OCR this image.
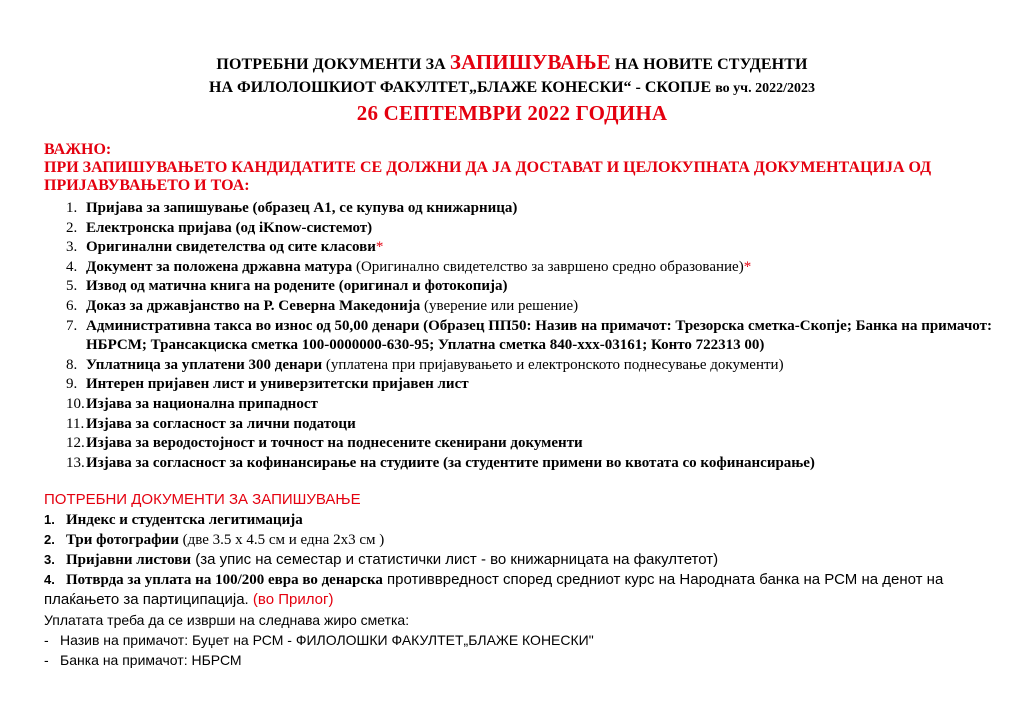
ПОТРЕБНИ ДОКУМЕНТИ ЗА ЗАПИШУВАЊЕ НА НОВИТЕ СТУДЕНТИ
НА ФИЛОЛОШКИОТ ФАКУЛТЕТ„БЛАЖЕ КОНЕСКИ“ - СКОПЈЕ во уч. 2022/2023
26 СЕПТЕМВРИ 2022 ГОДИНА
ВАЖНО:
ПРИ ЗАПИШУВАЊЕТО КАНДИДАТИТЕ СЕ ДОЛЖНИ ДА ЈА ДОСТАВАТ И ЦЕЛОКУПНАТА ДОКУМЕНТАЦИЈА ОД
ПРИЈАВУВАЊЕТО И ТОА:
1. Пријава за запишување (образец А1, се купува од книжарница)
2. Електронска пријава (од iKnow-системот)
3. Оригинални свидетелства од сите класови*
4. Документ за положена државна матура (Оригинално свидетелство за завршено средно образование)*
5. Извод од матична книга на родените (оригинал и фотокопија)
6. Доказ за државјанство на Р. Северна Македонија (уверение или решение)
7. Административна такса во износ од 50,00 денари (Образец ПП50: Назив на примачот: Трезорска сметка-Скопје; Банка на примачот: НБРСМ; Трансакциска сметка 100-0000000-630-95; Уплатна сметка 840-xxx-03161; Конто 722313 00)
8. Уплатница за уплатени 300 денари (уплатена при пријавувањето и електронското поднесување документи)
9. Интерен пријавен лист и универзитетски пријавен лист
10. Изјава за национална припадност
11. Изјава за согласност за лични податоци
12. Изјава за веродостојност и точност на поднесените скенирани документи
13. Изјава за согласност за кофинансирање на студиите (за студентите примени во квотата со кофинансирање)
ПОТРЕБНИ ДОКУМЕНТИ ЗА ЗАПИШУВАЊЕ
1. Индекс и студентска легитимација
2. Три фотографии (две 3.5 x 4.5 см и една 2x3 см )
3. Пријавни листови (за упис на семестар и статистички лист - во книжарницата на факултетот)
4. Потврда за уплата на 100/200 евра во денарска противвредност според средниот курс на Народната банка на РСМ на денот на плаќањето за партиципација. (во Прилог)
Уплатата треба да се изврши на следнава жиро сметка:
- Назив на примачот: Буџет на РСМ - ФИЛОЛОШКИ ФАКУЛТЕТ„БЛАЖЕ КОНЕСКИ"
- Банка на примачот: НБРСМ
